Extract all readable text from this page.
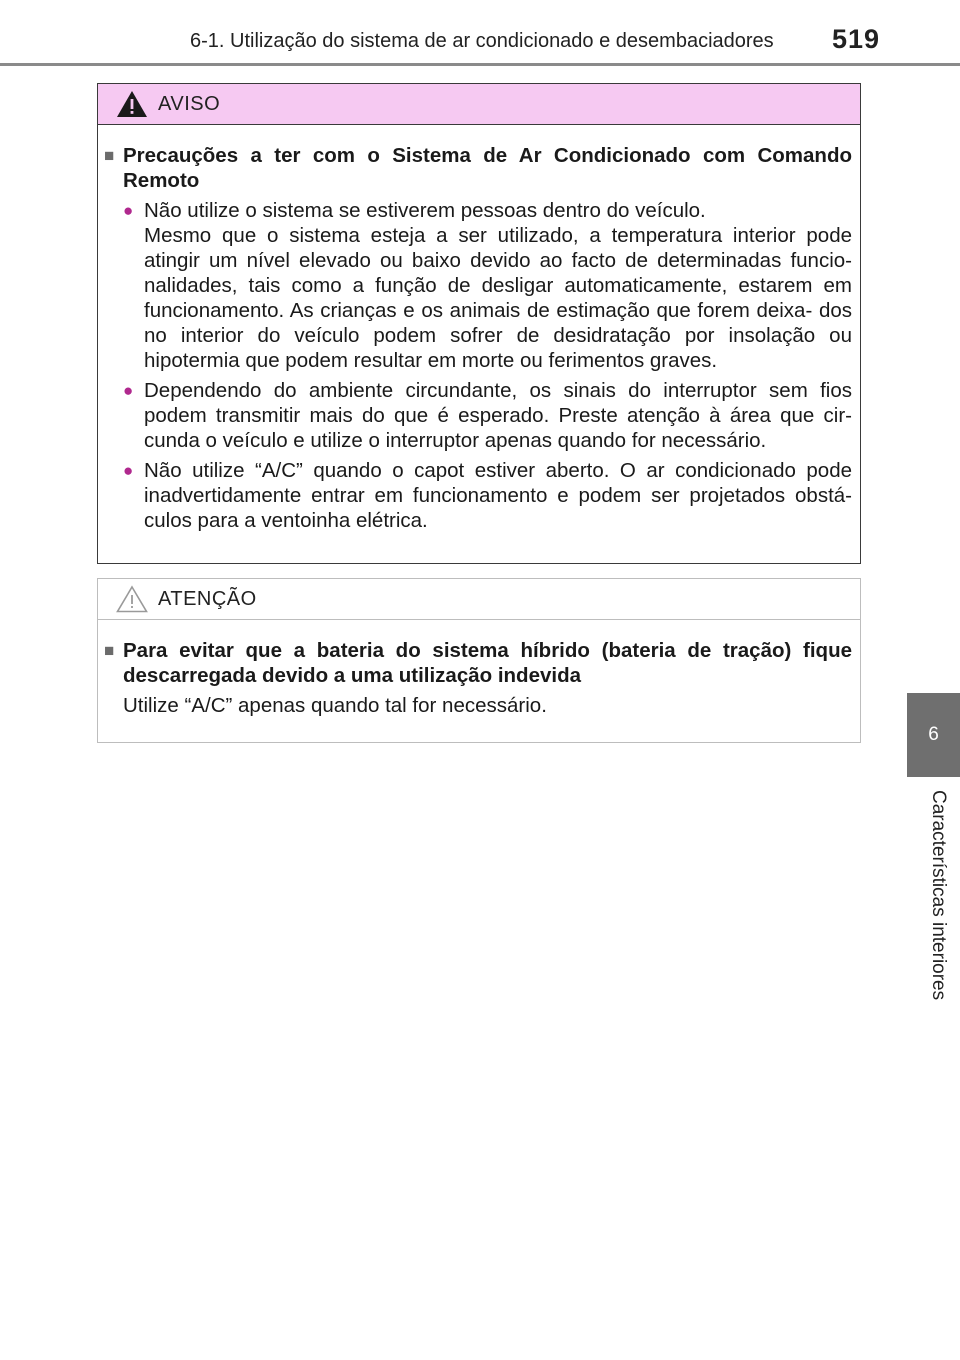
6-1. Utilização do sistema de ar condicionado e desembaciadores	519
6
Características interiores
AVISO
■ Precauções a ter com o Sistema de Ar Condicionado com Comando Remoto
● Não utilize o sistema se estiverem pessoas dentro do veículo.
Mesmo que o sistema esteja a ser utilizado, a temperatura interior pode atingir um nível elevado ou baixo devido ao facto de determinadas funcio- nalidades, tais como a função de desligar automaticamente, estarem em funcionamento. As crianças e os animais de estimação que forem deixa- dos no interior do veículo podem sofrer de desidratação por insolação ou hipotermia que podem resultar em morte ou ferimentos graves.
● Dependendo do ambiente circundante, os sinais do interruptor sem fios podem transmitir mais do que é esperado. Preste atenção à área que cir- cunda o veículo e utilize o interruptor apenas quando for necessário.
● Não utilize “A/C” quando o capot estiver aberto. O ar condicionado pode inadvertidamente entrar em funcionamento e podem ser projetados obstá- culos para a ventoinha elétrica.
ATENÇÃO
■ Para evitar que a bateria do sistema híbrido (bateria de tração) fique descarregada devido a uma utilização indevida
Utilize “A/C” apenas quando tal for necessário.
